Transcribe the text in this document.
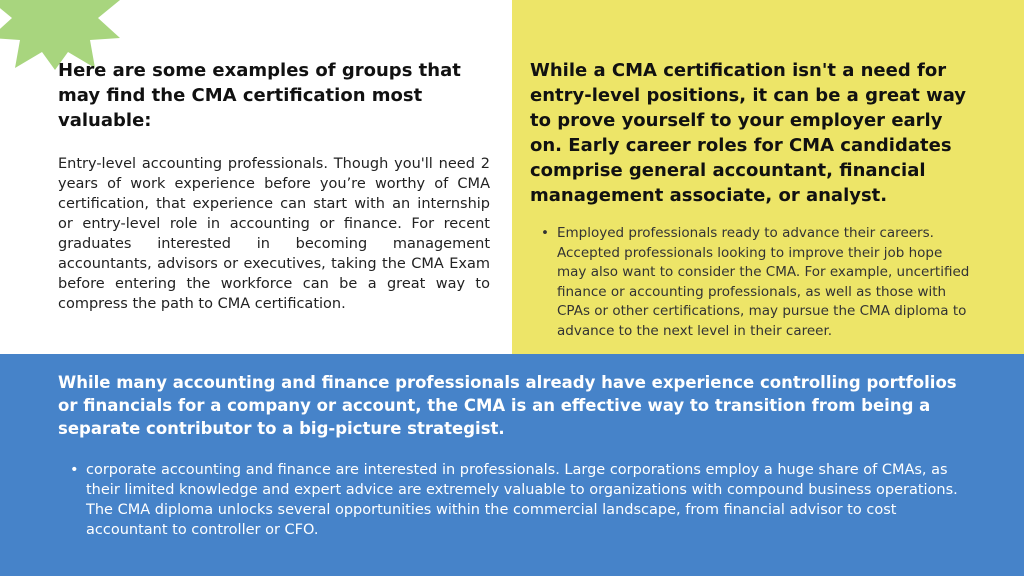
Here are some examples of groups that may find the CMA certification most valuable:

Entry-level accounting professionals. Though you'll need 2 years of work experience before you’re worthy of CMA certification, that experience can start with an internship or entry-level role in accounting or finance. For recent graduates interested in becoming management accountants, advisors or executives, taking the CMA Exam before entering the workforce can be a great way to compress the path to CMA certification.

While a CMA certification isn't a need for entry-level positions, it can be a great way to prove yourself to your employer early on. Early career roles for CMA candidates comprise general accountant, financial management associate, or analyst.
• Employed professionals ready to advance their careers. Accepted professionals looking to improve their job hope may also want to consider the CMA. For example, uncertified finance or accounting professionals, as well as those with CPAs or other certifications, may pursue the CMA diploma to advance to the next level in their career.
While many accounting and finance professionals already have experience controlling portfolios or financials for a company or account, the CMA is an effective way to transition from being a separate contributor to a big-picture strategist.
• corporate accounting and finance are interested in professionals. Large corporations employ a huge share of CMAs, as their limited knowledge and expert advice are extremely valuable to organizations with compound business operations. The CMA diploma unlocks several opportunities within the commercial landscape, from financial advisor to cost accountant to controller or CFO.
